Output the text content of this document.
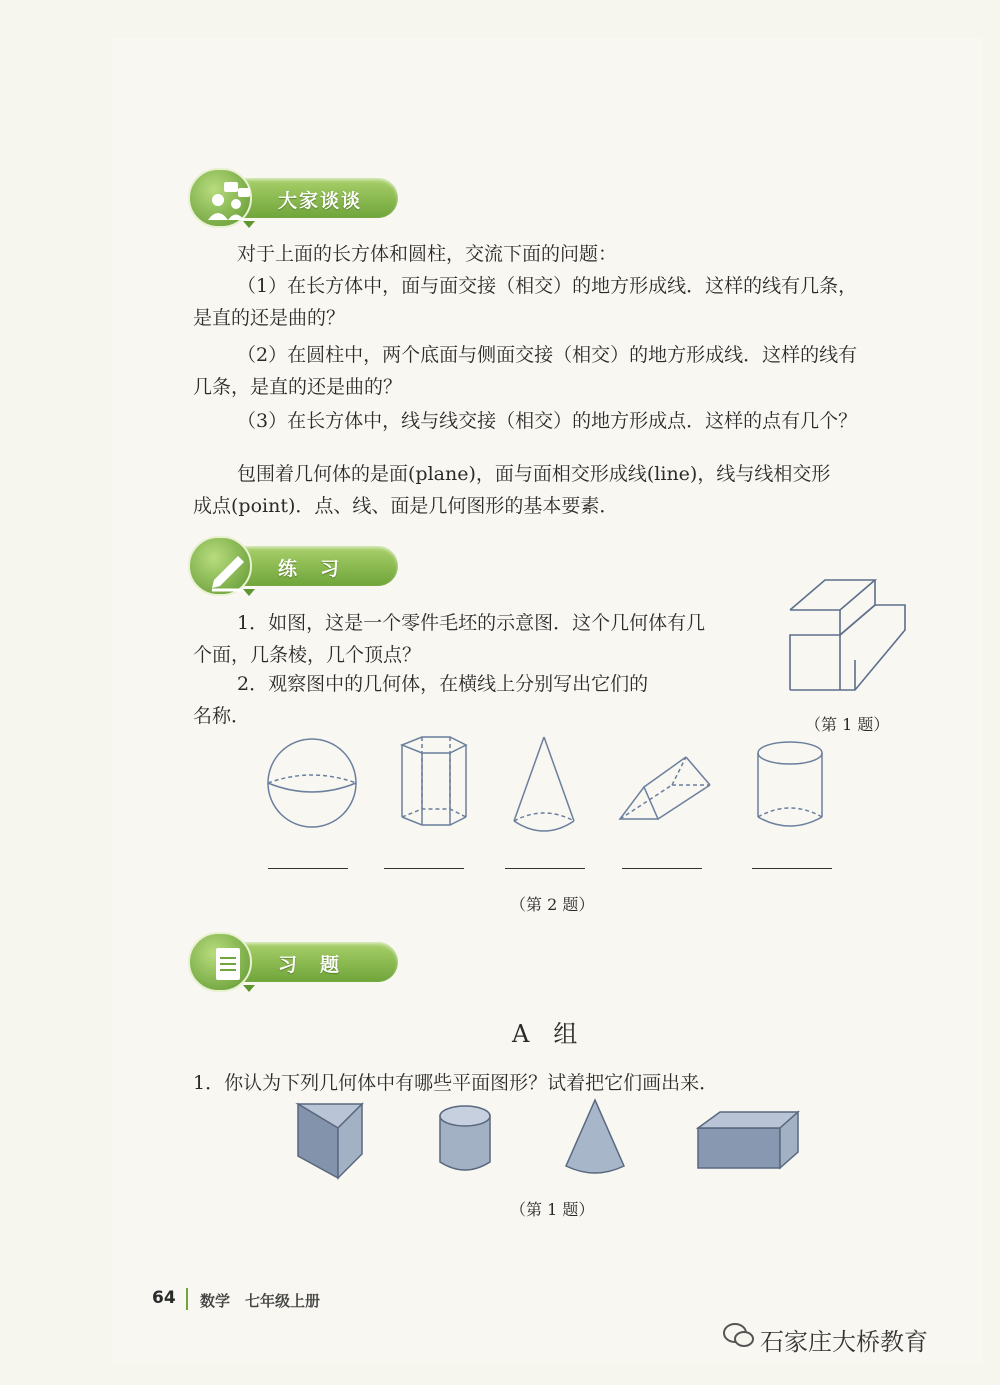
大家谈谈

对于上面的长方体和圆柱，交流下面的问题：

（1）在长方体中，面与面交接（相交）的地方形成线．这样的线有几条，

是直的还是曲的？

（2）在圆柱中，两个底面与侧面交接（相交）的地方形成线．这样的线有

几条，是直的还是曲的？

（3）在长方体中，线与线交接（相交）的地方形成点．这样的点有几个？

包围着几何体的是面(plane)，面与面相交形成线(line)，线与线相交形

成点(point)．点、线、面是几何图形的基本要素．

练　习

1．如图，这是一个零件毛坯的示意图．这个几何体有几

个面，几条棱，几个顶点？

2．观察图中的几何体，在横线上分别写出它们的

名称．	（第 1 题）
（第 2 题）
习　题

A　组

1．你认为下列几何体中有哪些平面图形？试着把它们画出来．

（第 1 题）
64 数学　七年级上册
石家庄大桥教育
